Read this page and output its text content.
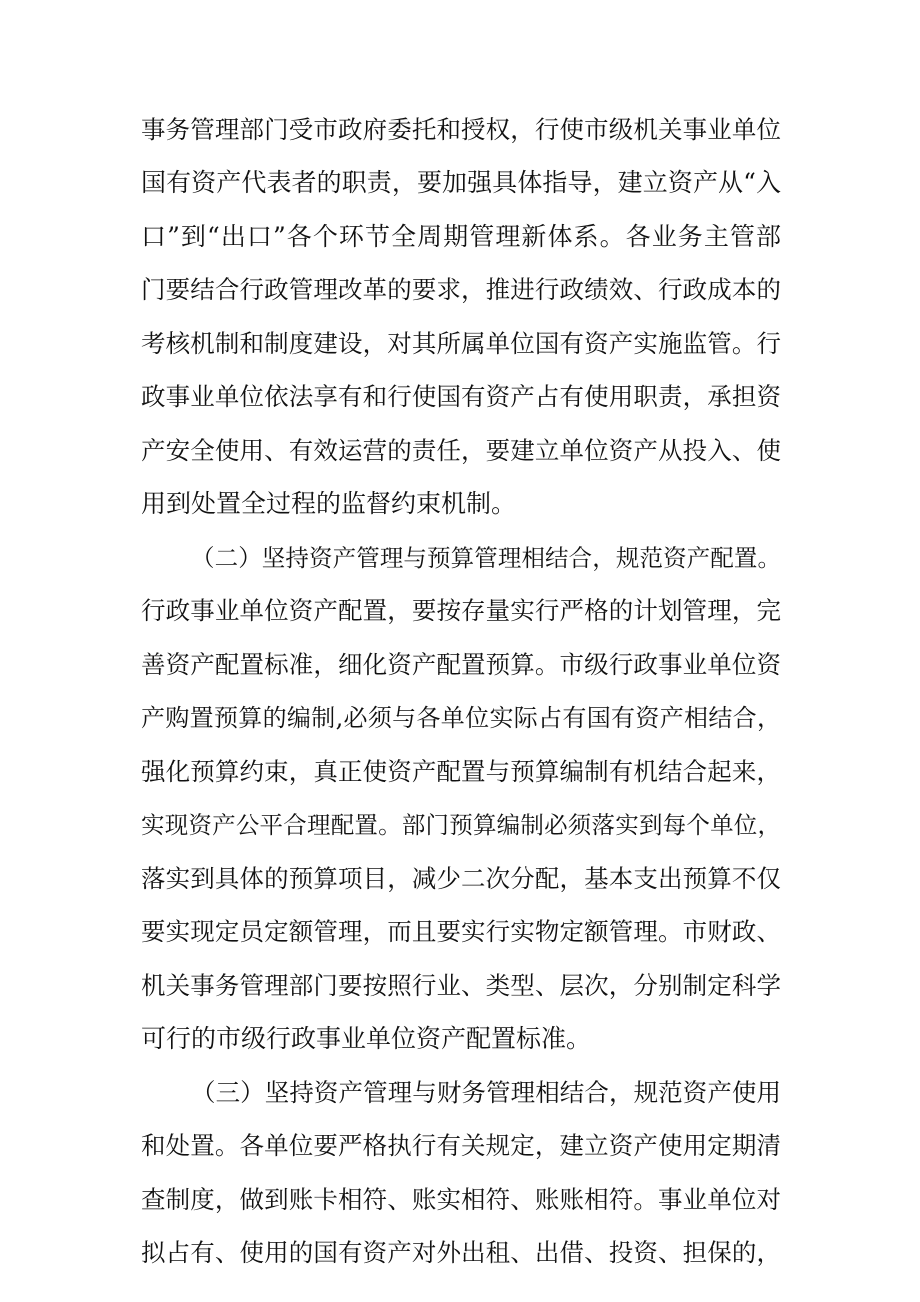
事务管理部门受市政府委托和授权，行使市级机关事业单位
国有资产代表者的职责，要加强具体指导，建立资产从“入
口”到“出口”各个环节全周期管理新体系。各业务主管部
门要结合行政管理改革的要求，推进行政绩效、行政成本的
考核机制和制度建设，对其所属单位国有资产实施监管。行
政事业单位依法享有和行使国有资产占有使用职责，承担资
产安全使用、有效运营的责任，要建立单位资产从投入、使
用到处置全过程的监督约束机制。
（二）坚持资产管理与预算管理相结合，规范资产配置。
行政事业单位资产配置，要按存量实行严格的计划管理，完
善资产配置标准，细化资产配置预算。市级行政事业单位资
产购置预算的编制,必须与各单位实际占有国有资产相结合，
强化预算约束，真正使资产配置与预算编制有机结合起来，
实现资产公平合理配置。部门预算编制必须落实到每个单位，
落实到具体的预算项目，减少二次分配，基本支出预算不仅
要实现定员定额管理，而且要实行实物定额管理。市财政、
机关事务管理部门要按照行业、类型、层次，分别制定科学
可行的市级行政事业单位资产配置标准。
（三）坚持资产管理与财务管理相结合，规范资产使用
和处置。各单位要严格执行有关规定，建立资产使用定期清
查制度，做到账卡相符、账实相符、账账相符。事业单位对
拟占有、使用的国有资产对外出租、出借、投资、担保的，
